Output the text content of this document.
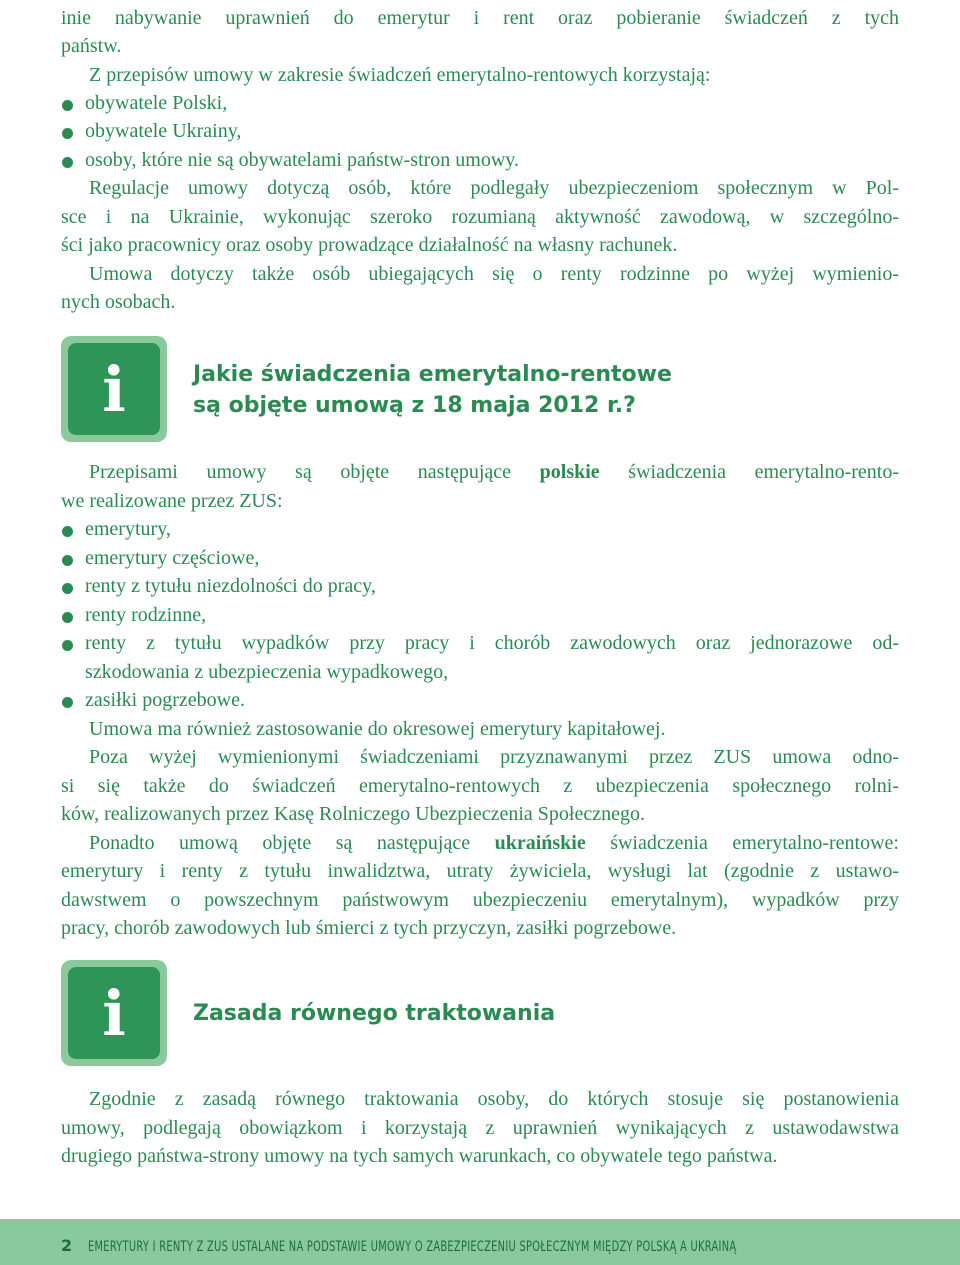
inie nabywanie uprawnień do emerytur i rent oraz pobieranie świadczeń z tych
państw.
Z przepisów umowy w zakresie świadczeń emerytalno-rentowych korzystają:
obywatele Polski,
obywatele Ukrainy,
osoby, które nie są obywatelami państw-stron umowy.
Regulacje umowy dotyczą osób, które podlegały ubezpieczeniom społecznym w Pol-
sce i na Ukrainie, wykonując szeroko rozumianą aktywność zawodową, w szczególno-
ści jako pracownicy oraz osoby prowadzące działalność na własny rachunek.
Umowa dotyczy także osób ubiegających się o renty rodzinne po wyżej wymienio-
nych osobach.
i	Jakie świadczenia emerytalno-rentowe
są objęte umową z 18 maja 2012 r.?
Przepisami umowy są objęte następujące polskie świadczenia emerytalno-rento-
we realizowane przez ZUS:
emerytury,
emerytury częściowe,
renty z tytułu niezdolności do pracy,
renty rodzinne,
renty z tytułu wypadków przy pracy i chorób zawodowych oraz jednorazowe od-
szkodowania z ubezpieczenia wypadkowego,
zasiłki pogrzebowe.
Umowa ma również zastosowanie do okresowej emerytury kapitałowej.
Poza wyżej wymienionymi świadczeniami przyznawanymi przez ZUS umowa odno-
si się także do świadczeń emerytalno-rentowych z ubezpieczenia społecznego rolni-
ków, realizowanych przez Kasę Rolniczego Ubezpieczenia Społecznego.
Ponadto umową objęte są następujące ukraińskie świadczenia emerytalno-rentowe:
emerytury i renty z tytułu inwalidztwa, utraty żywiciela, wysługi lat (zgodnie z ustawo-
dawstwem o powszechnym państwowym ubezpieczeniu emerytalnym), wypadków przy
pracy, chorób zawodowych lub śmierci z tych przyczyn, zasiłki pogrzebowe.
i	Zasada równego traktowania
Zgodnie z zasadą równego traktowania osoby, do których stosuje się postanowienia
umowy, podlegają obowiązkom i korzystają z uprawnień wynikających z ustawodawstwa
drugiego państwa-strony umowy na tych samych warunkach, co obywatele tego państwa.
2 EMERYTURY I RENTY Z ZUS USTALANE NA PODSTAWIE UMOWY O ZABEZPIECZENIU SPOŁECZNYM MIĘDZY POLSKĄ A UKRAINĄ
